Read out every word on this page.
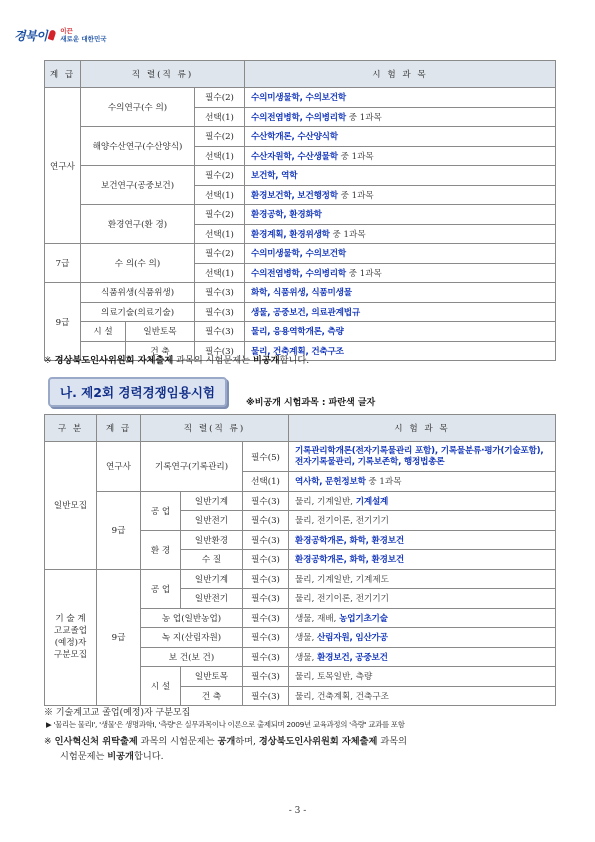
경북이 이끈
새로운 대한민국
계 급	직 렬(직 류)		시 험 과 목
연구사	수의연구(수 의)	필수(2)	수의미생물학, 수의보건학
		선택(1)	수의전염병학, 수의병리학 중 1과목
	해양수산연구(수산양식)	필수(2)	수산학개론, 수산양식학
		선택(1)	수산자원학, 수산생물학 중 1과목
	보건연구(공중보건)	필수(2)	보건학, 역학
		선택(1)	환경보건학, 보건행정학 중 1과목
	환경연구(환 경)	필수(2)	환경공학, 환경화학
		선택(1)	환경계획, 환경위생학 중 1과목
7급	수 의(수 의)	필수(2)	수의미생물학, 수의보건학
		선택(1)	수의전염병학, 수의병리학 중 1과목
9급	식품위생(식품위생)	필수(3)	화학, 식품위생, 식품미생물
	의료기술(의료기술)	필수(3)	생물, 공중보건, 의료관계법규

시 설 일반토목	필수(3)	물리, 응용역학개론, 측량

건 축	필수(3)	물리, 건축계획, 건축구조
※ 경상북도인사위원회 자체출제 과목의 시험문제는 비공개합니다.
나. 제2회 경력경쟁임용시험
※비공개 시험과목 : 파란색 글자
구 분	계 급	직 렬(직 류)			시 험 과 목
일반모집	연구사	기록연구(기록관리)		필수(5)	기록관리학개론(전자기록물관리 포함), 기록물분류·평가(기술포함), 전자기록물관리, 기록보존학, 행정법총론
				선택(1)	역사학, 문헌정보학 중 1과목
	9급	공 업	일반기계	필수(3)	물리, 기계일반, 기계설계
			일반전기	필수(3)	물리, 전기이론, 전기기기
		환 경	일반환경	필수(3)	환경공학개론, 화학, 환경보건
			수 질	필수(3)	환경공학개론, 화학, 환경보건
기 술 계
고교졸업
(예정)자
구분모집	9급	공 업	일반기계	필수(3)	물리, 기계일반, 기계제도
			일반전기	필수(3)	물리, 전기이론, 전기기기
		농 업(일반농업)		필수(3)	생물, 재배, 농업기초기술
		녹 지(산림자원)		필수(3)	생물, 산림자원, 임산가공
		보 건(보 건)		필수(3)	생물, 환경보건, 공중보건
		시 설	일반토목	필수(3)	물리, 토목일반, 측량
			건 축	필수(3)	물리, 건축계획, 건축구조
※ 기술계고교 졸업(예정)자 구분모집
▶ '물리는 물리Ⅰ', '생물'은 생명과학Ⅰ, '측량'은 실무과목이나 이론으로 출제되며 2009년 교육과정의 '측량' 교과를 포함
※ 인사혁신처 위탁출제 과목의 시험문제는 공개하며, 경상북도인사위원회 자체출제 과목의
시험문제는 비공개합니다.
- 3 -
